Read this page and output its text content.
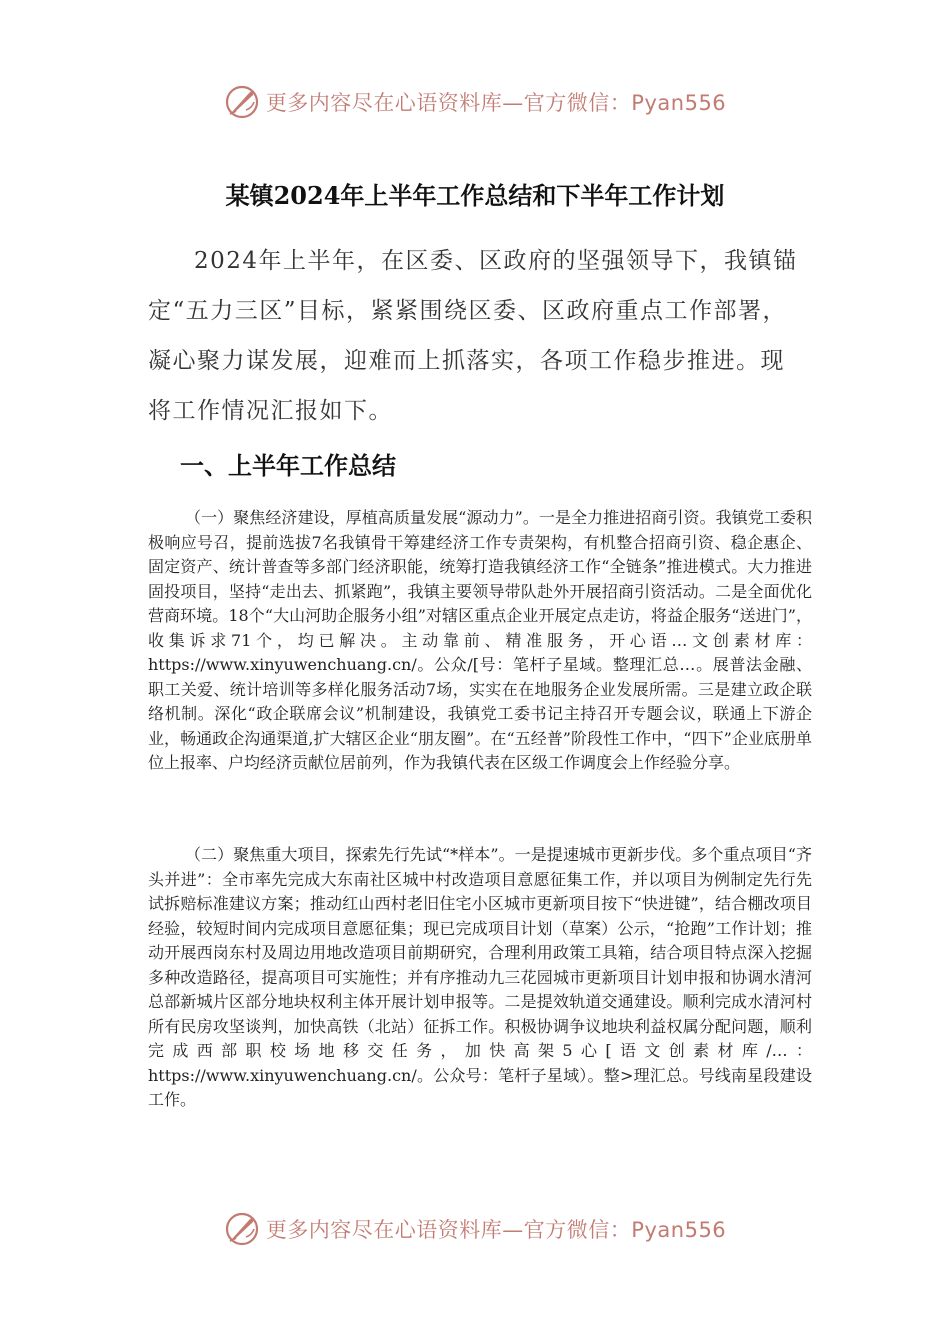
更多内容尽在心语资料库—官方微信：Pyan556
某镇2024年上半年工作总结和下半年工作计划

2024年上半年，在区委、区政府的坚强领导下，我镇锚定“五力三区”目标，紧紧围绕区委、区政府重点工作部署，凝心聚力谋发展，迎难而上抓落实，各项工作稳步推进。现将工作情况汇报如下。

一、上半年工作总结

（一）聚焦经济建设，厚植高质量发展“源动力”。一是全力推进招商引资。我镇党工委积极响应号召，提前选拔7名我镇骨干筹建经济工作专责架构，有机整合招商引资、稳企惠企、固定资产、统计普查等多部门经济职能，统筹打造我镇经济工作“全链条”推进模式。大力推进固投项目，坚持“走出去、抓紧跑”，我镇主要领导带队赴外开展招商引资活动。二是全面优化营商环境。18个“大山河助企服务小组”对辖区重点企业开展定点走访，将益企服务“送进门”，收集诉求71个，均已解决。主动靠前、精准服务，开心语…文创素材库：https://www.xinyuwenchuang.cn/。公众/[号：笔杆子星域。整理汇总…。展普法金融、职工关爱、统计培训等多样化服务活动7场，实实在在地服务企业发展所需。三是建立政企联络机制。深化“政企联席会议”机制建设，我镇党工委书记主持召开专题会议，联通上下游企业，畅通政企沟通渠道,扩大辖区企业“朋友圈”。在“五经普”阶段性工作中，“四下”企业底册单位上报率、户均经济贡献位居前列，作为我镇代表在区级工作调度会上作经验分享。

（二）聚焦重大项目，探索先行先试“*样本”。一是提速城市更新步伐。多个重点项目“齐头并进”：全市率先完成大东南社区城中村改造项目意愿征集工作，并以项目为例制定先行先试拆赔标准建议方案；推动红山西村老旧住宅小区城市更新项目按下“快进键”，结合棚改项目经验，较短时间内完成项目意愿征集；现已完成项目计划（草案）公示，“抢跑”工作计划；推动开展西岗东村及周边用地改造项目前期研究，合理利用政策工具箱，结合项目特点深入挖掘多种改造路径，提高项目可实施性；并有序推动九三花园城市更新项目计划申报和协调水清河总部新城片区部分地块权利主体开展计划申报等。二是提效轨道交通建设。顺利完成水清河村所有民房攻坚谈判，加快高铁（北站）征拆工作。积极协调争议地块利益权属分配问题，顺利完成西部职校场地移交任务，加快高架5心[语文创素材库/…：https://www.xinyuwenchuang.cn/。公众号：笔杆子星域）。整>理汇总。号线南星段建设工作。

更多内容尽在心语资料库—官方微信：Pyan556
